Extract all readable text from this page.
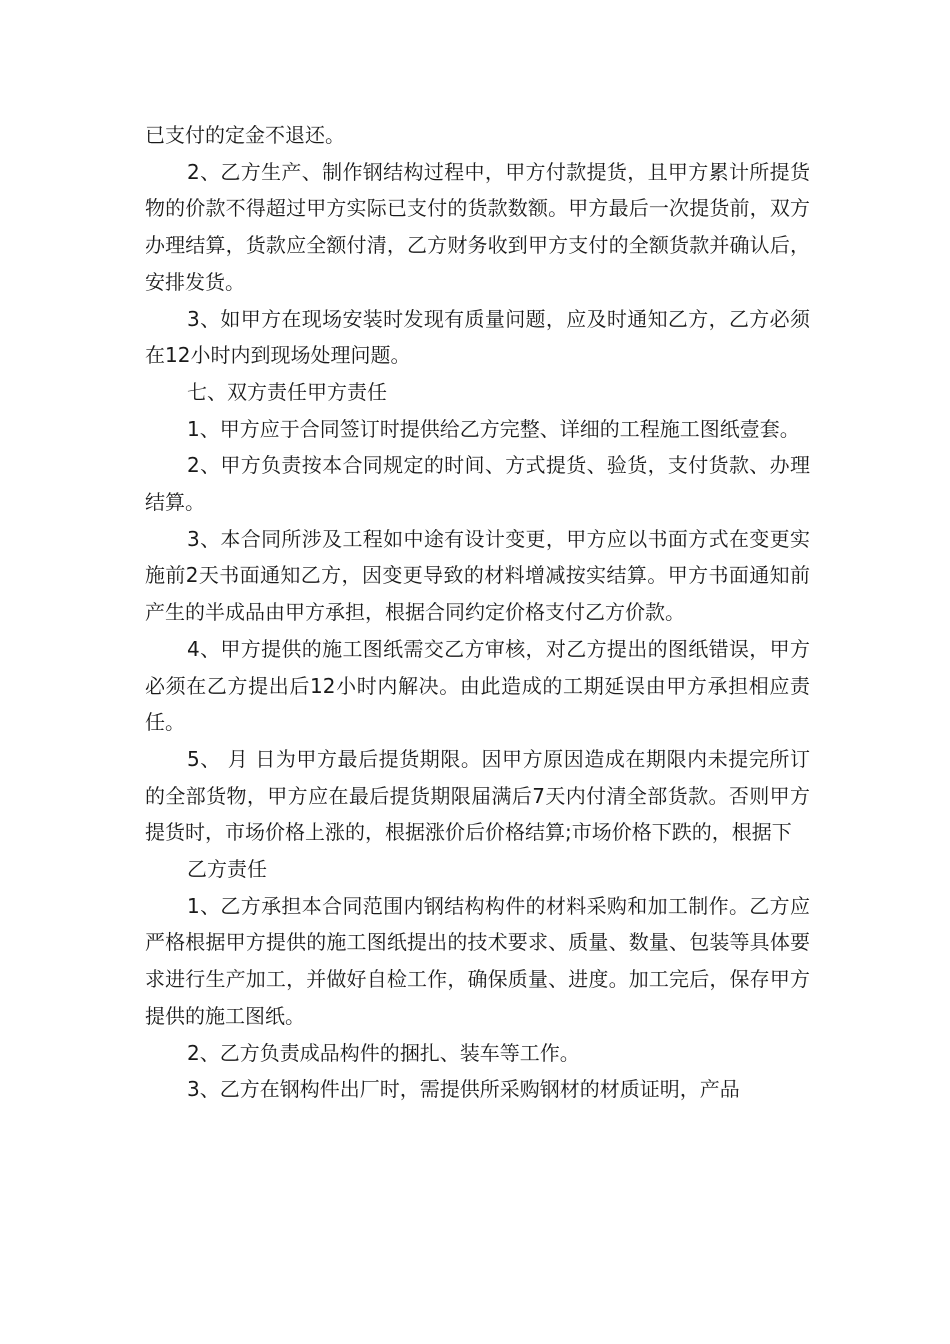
已支付的定金不退还。

2、乙方生产、制作钢结构过程中，甲方付款提货，且甲方累计所提货物的价款不得超过甲方实际已支付的货款数额。甲方最后一次提货前，双方办理结算，货款应全额付清，乙方财务收到甲方支付的全额货款并确认后，安排发货。

3、如甲方在现场安装时发现有质量问题，应及时通知乙方，乙方必须在12小时内到现场处理问题。

七、双方责任甲方责任

1、甲方应于合同签订时提供给乙方完整、详细的工程施工图纸壹套。

2、甲方负责按本合同规定的时间、方式提货、验货，支付货款、办理结算。

3、本合同所涉及工程如中途有设计变更，甲方应以书面方式在变更实施前2天书面通知乙方，因变更导致的材料增减按实结算。甲方书面通知前产生的半成品由甲方承担，根据合同约定价格支付乙方价款。

4、甲方提供的施工图纸需交乙方审核，对乙方提出的图纸错误，甲方必须在乙方提出后12小时内解决。由此造成的工期延误由甲方承担相应责任。

5、 月 日为甲方最后提货期限。因甲方原因造成在期限内未提完所订的全部货物，甲方应在最后提货期限届满后7天内付清全部货款。否则甲方提货时，市场价格上涨的，根据涨价后价格结算;市场价格下跌的，根据下

乙方责任

1、乙方承担本合同范围内钢结构构件的材料采购和加工制作。乙方应严格根据甲方提供的施工图纸提出的技术要求、质量、数量、包装等具体要求进行生产加工，并做好自检工作，确保质量、进度。加工完后，保存甲方提供的施工图纸。

2、乙方负责成品构件的捆扎、装车等工作。

3、乙方在钢构件出厂时，需提供所采购钢材的材质证明，产品
